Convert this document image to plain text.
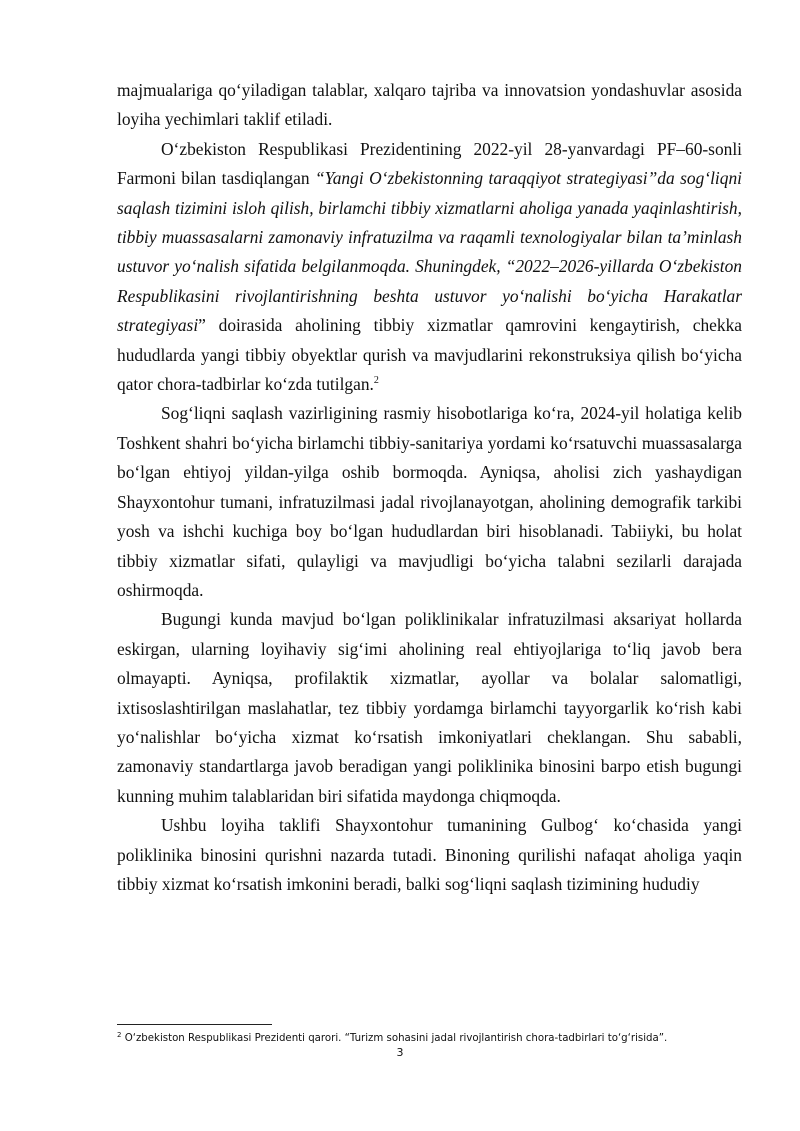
majmualariga qo‘yiladigan talablar, xalqaro tajriba va innovatsion yondashuvlar asosida loyiha yechimlari taklif etiladi.

O‘zbekiston Respublikasi Prezidentining 2022-yil 28-yanvardagi PF–60-sonli Farmoni bilan tasdiqlangan “Yangi O‘zbekistonning taraqqiyot strategiyasi”da sog‘liqni saqlash tizimini isloh qilish, birlamchi tibbiy xizmatlarni aholiga yanada yaqinlashtirish, tibbiy muassasalarni zamonaviy infratuzilma va raqamli texnologiyalar bilan ta’minlash ustuvor yo‘nalish sifatida belgilanmoqda. Shuningdek, “2022–2026-yillarda O‘zbekiston Respublikasini rivojlantirishning beshta ustuvor yo‘nalishi bo‘yicha Harakatlar strategiyasi” doirasida aholining tibbiy xizmatlar qamrovini kengaytirish, chekka hududlarda yangi tibbiy obyektlar qurish va mavjudlarini rekonstruksiya qilish bo‘yicha qator chora-tadbirlar ko‘zda tutilgan.$^2$

Sog‘liqni saqlash vazirligining rasmiy hisobotlariga ko‘ra, 2024-yil holatiga kelib Toshkent shahri bo‘yicha birlamchi tibbiy-sanitariya yordami ko‘rsatuvchi muassasalarga bo‘lgan ehtiyoj yildan-yilga oshib bormoqda. Ayniqsa, aholisi zich yashaydigan Shayxontohur tumani, infratuzilmasi jadal rivojlanayotgan, aholining demografik tarkibi yosh va ishchi kuchiga boy bo‘lgan hududlardan biri hisoblanadi. Tabiiyki, bu holat tibbiy xizmatlar sifati, qulayligi va mavjudligi bo‘yicha talabni sezilarli darajada oshirmoqda.

Bugungi kunda mavjud bo‘lgan poliklinikalar infratuzilmasi aksariyat hollarda eskirgan, ularning loyihaviy sig‘imi aholining real ehtiyojlariga to‘liq javob bera olmayapti. Ayniqsa, profilaktik xizmatlar, ayollar va bolalar salomatligi, ixtisoslashtirilgan maslahatlar, tez tibbiy yordamga birlamchi tayyorgarlik ko‘rish kabi yo‘nalishlar bo‘yicha xizmat ko‘rsatish imkoniyatlari cheklangan. Shu sababli, zamonaviy standartlarga javob beradigan yangi poliklinika binosini barpo etish bugungi kunning muhim talablaridan biri sifatida maydonga chiqmoqda.

Ushbu loyiha taklifi Shayxontohur tumanining Gulbog‘ ko‘chasida yangi poliklinika binosini qurishni nazarda tutadi. Binoning qurilishi nafaqat aholiga yaqin tibbiy xizmat ko‘rsatish imkonini beradi, balki sog‘liqni saqlash tizimining hududiy

$^2$ O‘zbekiston Respublikasi Prezidenti qarori. “Turizm sohasini jadal rivojlantirish chora-tadbirlari to‘g‘risida”.
3
